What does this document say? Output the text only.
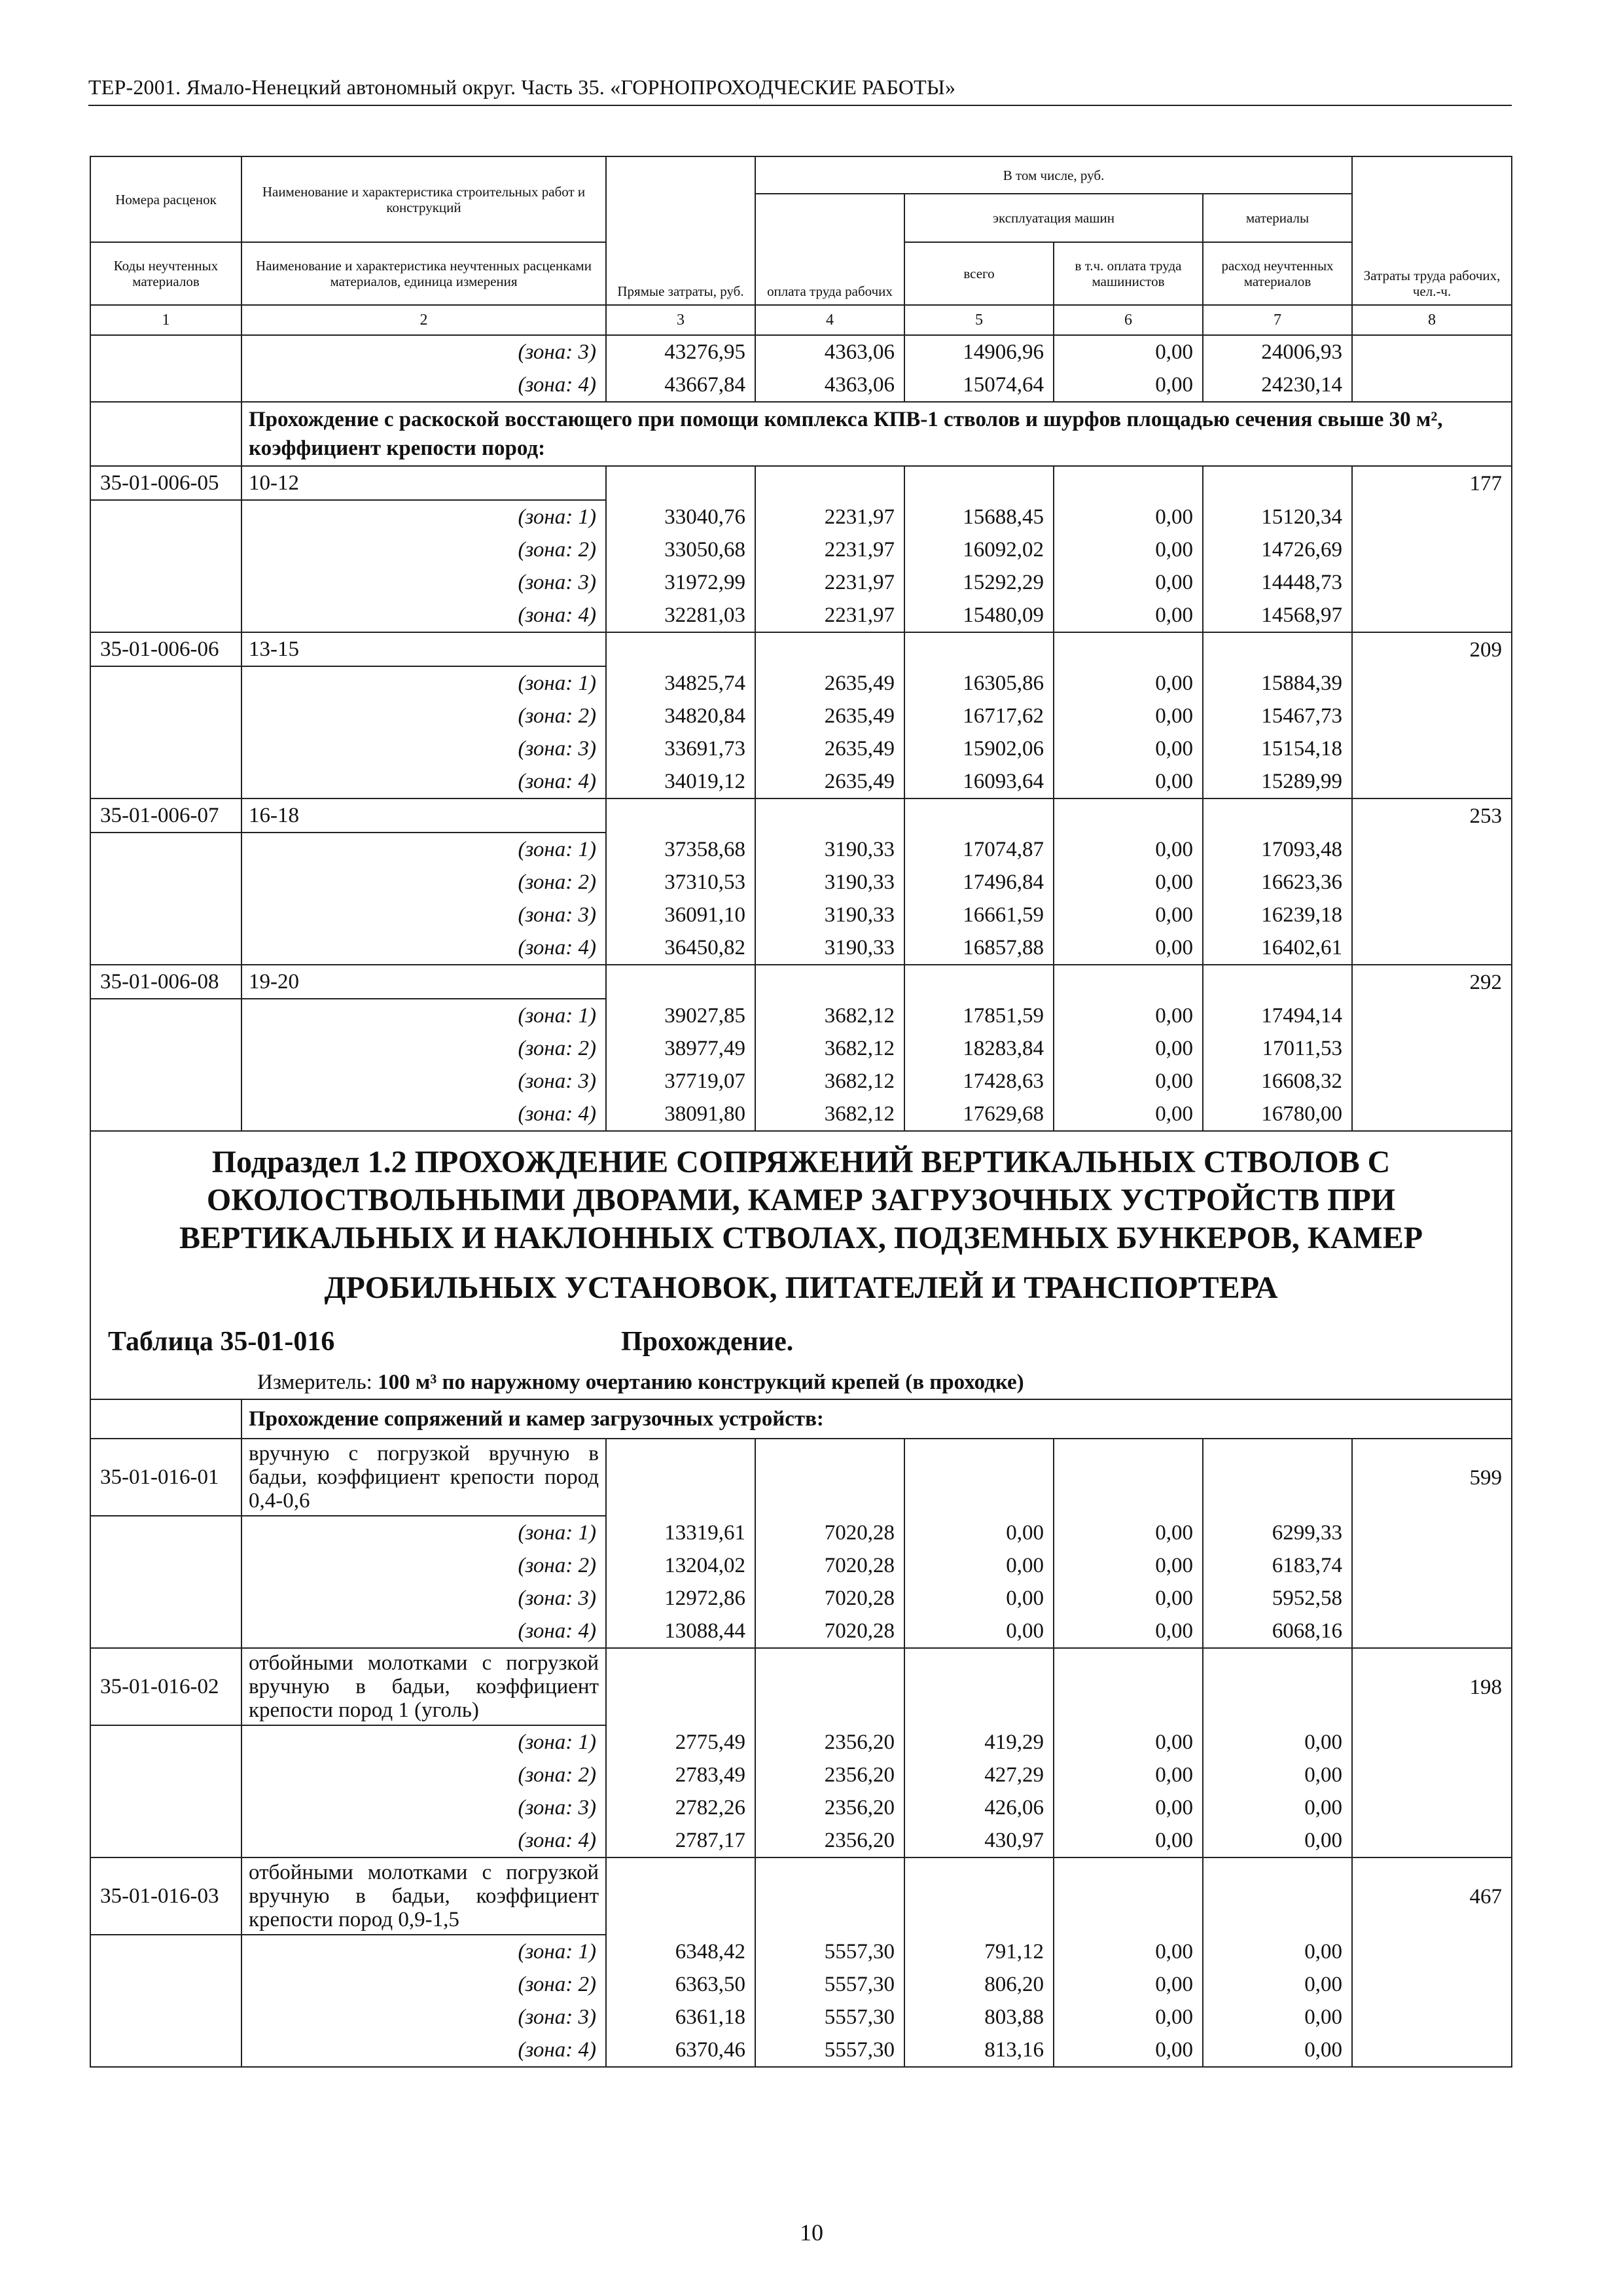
ТЕР-2001. Ямало-Ненецкий автономный округ. Часть 35. «ГОРНОПРОХОДЧЕСКИЕ РАБОТЫ»
Номера расценок	Наименование и характеристика строительных работ и конструкций	Прямые затраты, руб.	В том числе, руб.				Затраты труда рабочих, чел.-ч.
			оплата труда рабочих	эксплуатация машин		материалы	
Коды неучтенных материалов	Наименование и характеристика неучтенных расценками материалов, единица измерения			всего	в т.ч. оплата труда машинистов	расход неучтенных материалов	
1	2	3	4	5	6	7	8
	(зона: 3)	43276,95	4363,06	14906,96	0,00	24006,93	
	(зона: 4)	43667,84	4363,06	15074,64	0,00	24230,14	
	Прохождение с раскоской восстающего при помощи комплекса КПВ-1 стволов и шурфов площадью сечения свыше 30 м², коэффициент крепости пород:						
35-01-006-05	10-12						177
	(зона: 1)	33040,76	2231,97	15688,45	0,00	15120,34	
	(зона: 2)	33050,68	2231,97	16092,02	0,00	14726,69	
	(зона: 3)	31972,99	2231,97	15292,29	0,00	14448,73	
	(зона: 4)	32281,03	2231,97	15480,09	0,00	14568,97	
35-01-006-06	13-15						209
	(зона: 1)	34825,74	2635,49	16305,86	0,00	15884,39	
	(зона: 2)	34820,84	2635,49	16717,62	0,00	15467,73	
	(зона: 3)	33691,73	2635,49	15902,06	0,00	15154,18	
	(зона: 4)	34019,12	2635,49	16093,64	0,00	15289,99	
35-01-006-07	16-18						253
	(зона: 1)	37358,68	3190,33	17074,87	0,00	17093,48	
	(зона: 2)	37310,53	3190,33	17496,84	0,00	16623,36	
	(зона: 3)	36091,10	3190,33	16661,59	0,00	16239,18	
	(зона: 4)	36450,82	3190,33	16857,88	0,00	16402,61	
35-01-006-08	19-20						292
	(зона: 1)	39027,85	3682,12	17851,59	0,00	17494,14	
	(зона: 2)	38977,49	3682,12	18283,84	0,00	17011,53	
	(зона: 3)	37719,07	3682,12	17428,63	0,00	16608,32	
	(зона: 4)	38091,80	3682,12	17629,68	0,00	16780,00	

Подраздел 1.2 ПРОХОЖДЕНИЕ СОПРЯЖЕНИЙ ВЕРТИКАЛЬНЫХ СТВОЛОВ С ОКОЛОСТВОЛЬНЫМИ ДВОРАМИ, КАМЕР ЗАГРУЗОЧНЫХ УСТРОЙСТВ ПРИ ВЕРТИКАЛЬНЫХ И НАКЛОННЫХ СТВОЛАХ, ПОДЗЕМНЫХ БУНКЕРОВ, КАМЕР
ДРОБИЛЬНЫХ УСТАНОВОК, ПИТАТЕЛЕЙ И ТРАНСПОРТЕРА
Таблица 35-01-016 Прохождение.
Измеритель: 100 м³ по наружному очертанию конструкций крепей (в проходке)							

	Прохождение сопряжений и камер загрузочных устройств:						
35-01-016-01	вручную с погрузкой вручную в бадьи, коэффициент крепости пород 0,4-0,6						599
	(зона: 1)	13319,61	7020,28	0,00	0,00	6299,33	
	(зона: 2)	13204,02	7020,28	0,00	0,00	6183,74	
	(зона: 3)	12972,86	7020,28	0,00	0,00	5952,58	
	(зона: 4)	13088,44	7020,28	0,00	0,00	6068,16	
35-01-016-02	отбойными молотками с погрузкой вручную в бадьи, коэффициент крепости пород 1 (уголь)						198
	(зона: 1)	2775,49	2356,20	419,29	0,00	0,00	
	(зона: 2)	2783,49	2356,20	427,29	0,00	0,00	
	(зона: 3)	2782,26	2356,20	426,06	0,00	0,00	
	(зона: 4)	2787,17	2356,20	430,97	0,00	0,00	
35-01-016-03	отбойными молотками с погрузкой вручную в бадьи, коэффициент крепости пород 0,9-1,5						467
	(зона: 1)	6348,42	5557,30	791,12	0,00	0,00	
	(зона: 2)	6363,50	5557,30	806,20	0,00	0,00	
	(зона: 3)	6361,18	5557,30	803,88	0,00	0,00	
	(зона: 4)	6370,46	5557,30	813,16	0,00	0,00	
10
